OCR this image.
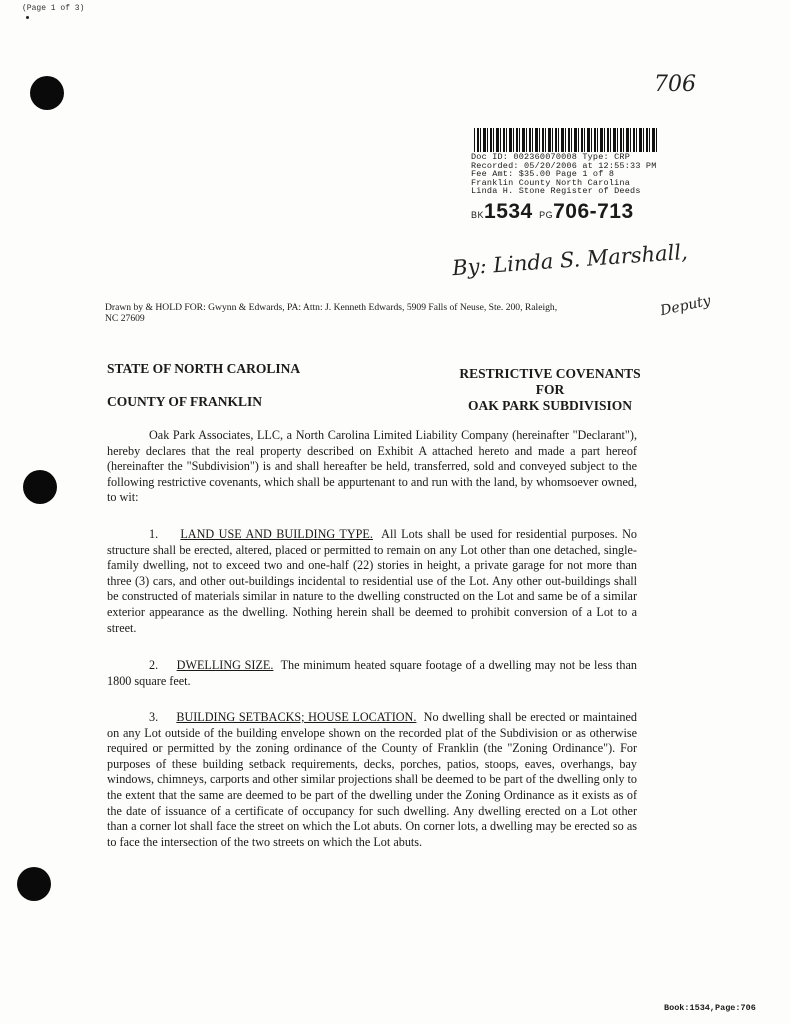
(Page 1 of 3)
706
Doc ID: 002360070008 Type: CRP
Recorded: 05/20/2006 at 12:55:33 PM
Fee Amt: $35.00 Page 1 of 8
Franklin County North Carolina
Linda H. Stone Register of Deeds
BK1534 PG706-713
By: Linda S. Marshall,
Deputy
Drawn by & HOLD FOR: Gwynn & Edwards, PA: Attn: J. Kenneth Edwards, 5909 Falls of Neuse, Ste. 200, Raleigh,
NC 27609
STATE OF NORTH CAROLINA
COUNTY OF FRANKLIN
RESTRICTIVE COVENANTS
FOR
OAK PARK SUBDIVISION

Oak Park Associates, LLC, a North Carolina Limited Liability Company (hereinafter "Declarant"), hereby declares that the real property described on Exhibit A attached hereto and made a part hereof (hereinafter the "Subdivision") is and shall hereafter be held, transferred, sold and conveyed subject to the following restrictive covenants, which shall be appurtenant to and run with the land, by whomsoever owned, to wit:

1. LAND USE AND BUILDING TYPE. All Lots shall be used for residential purposes. No structure shall be erected, altered, placed or permitted to remain on any Lot other than one detached, single-family dwelling, not to exceed two and one-half (22) stories in height, a private garage for not more than three (3) cars, and other out-buildings incidental to residential use of the Lot. Any other out-buildings shall be constructed of materials similar in nature to the dwelling constructed on the Lot and same be of a similar exterior appearance as the dwelling. Nothing herein shall be deemed to prohibit conversion of a Lot to a street.

2. DWELLING SIZE. The minimum heated square footage of a dwelling may not be less than 1800 square feet.

3. BUILDING SETBACKS; HOUSE LOCATION. No dwelling shall be erected or maintained on any Lot outside of the building envelope shown on the recorded plat of the Subdivision or as otherwise required or permitted by the zoning ordinance of the County of Franklin (the "Zoning Ordinance"). For purposes of these building setback requirements, decks, porches, patios, stoops, eaves, overhangs, bay windows, chimneys, carports and other similar projections shall be deemed to be part of the dwelling only to the extent that the same are deemed to be part of the dwelling under the Zoning Ordinance as it exists as of the date of issuance of a certificate of occupancy for such dwelling. Any dwelling erected on a Lot other than a corner lot shall face the street on which the Lot abuts. On corner lots, a dwelling may be erected so as to face the intersection of the two streets on which the Lot abuts.

Book:1534,Page:706
